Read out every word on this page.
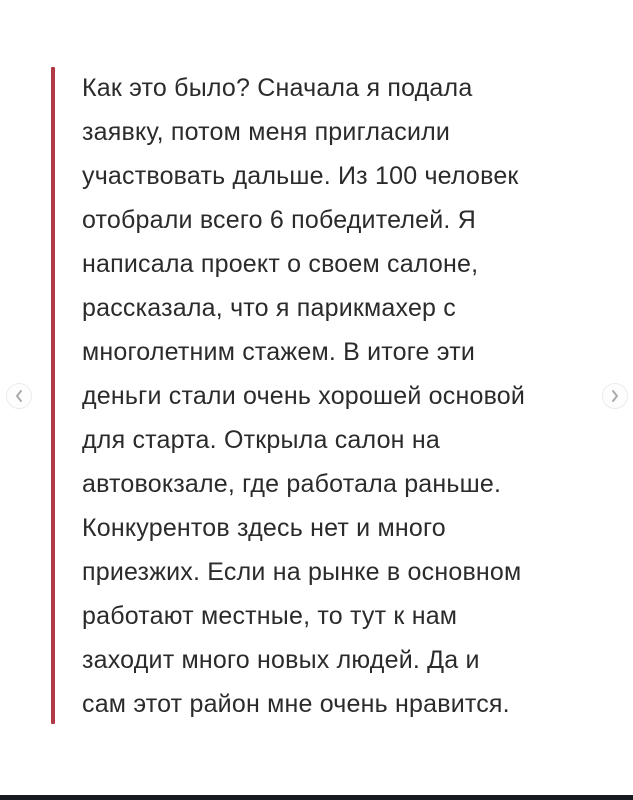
Как это было? Сначала я подала
заявку, потом меня пригласили
участвовать дальше. Из 100 человек
отобрали всего 6 победителей. Я
написала проект о своем салоне,
рассказала, что я парикмахер с
многолетним стажем. В итоге эти
деньги стали очень хорошей основой
для старта. Открыла салон на
автовокзале, где работала раньше.
Конкурентов здесь нет и много
приезжих. Если на рынке в основном
работают местные, то тут к нам
заходит много новых людей. Да и
сам этот район мне очень нравится.
